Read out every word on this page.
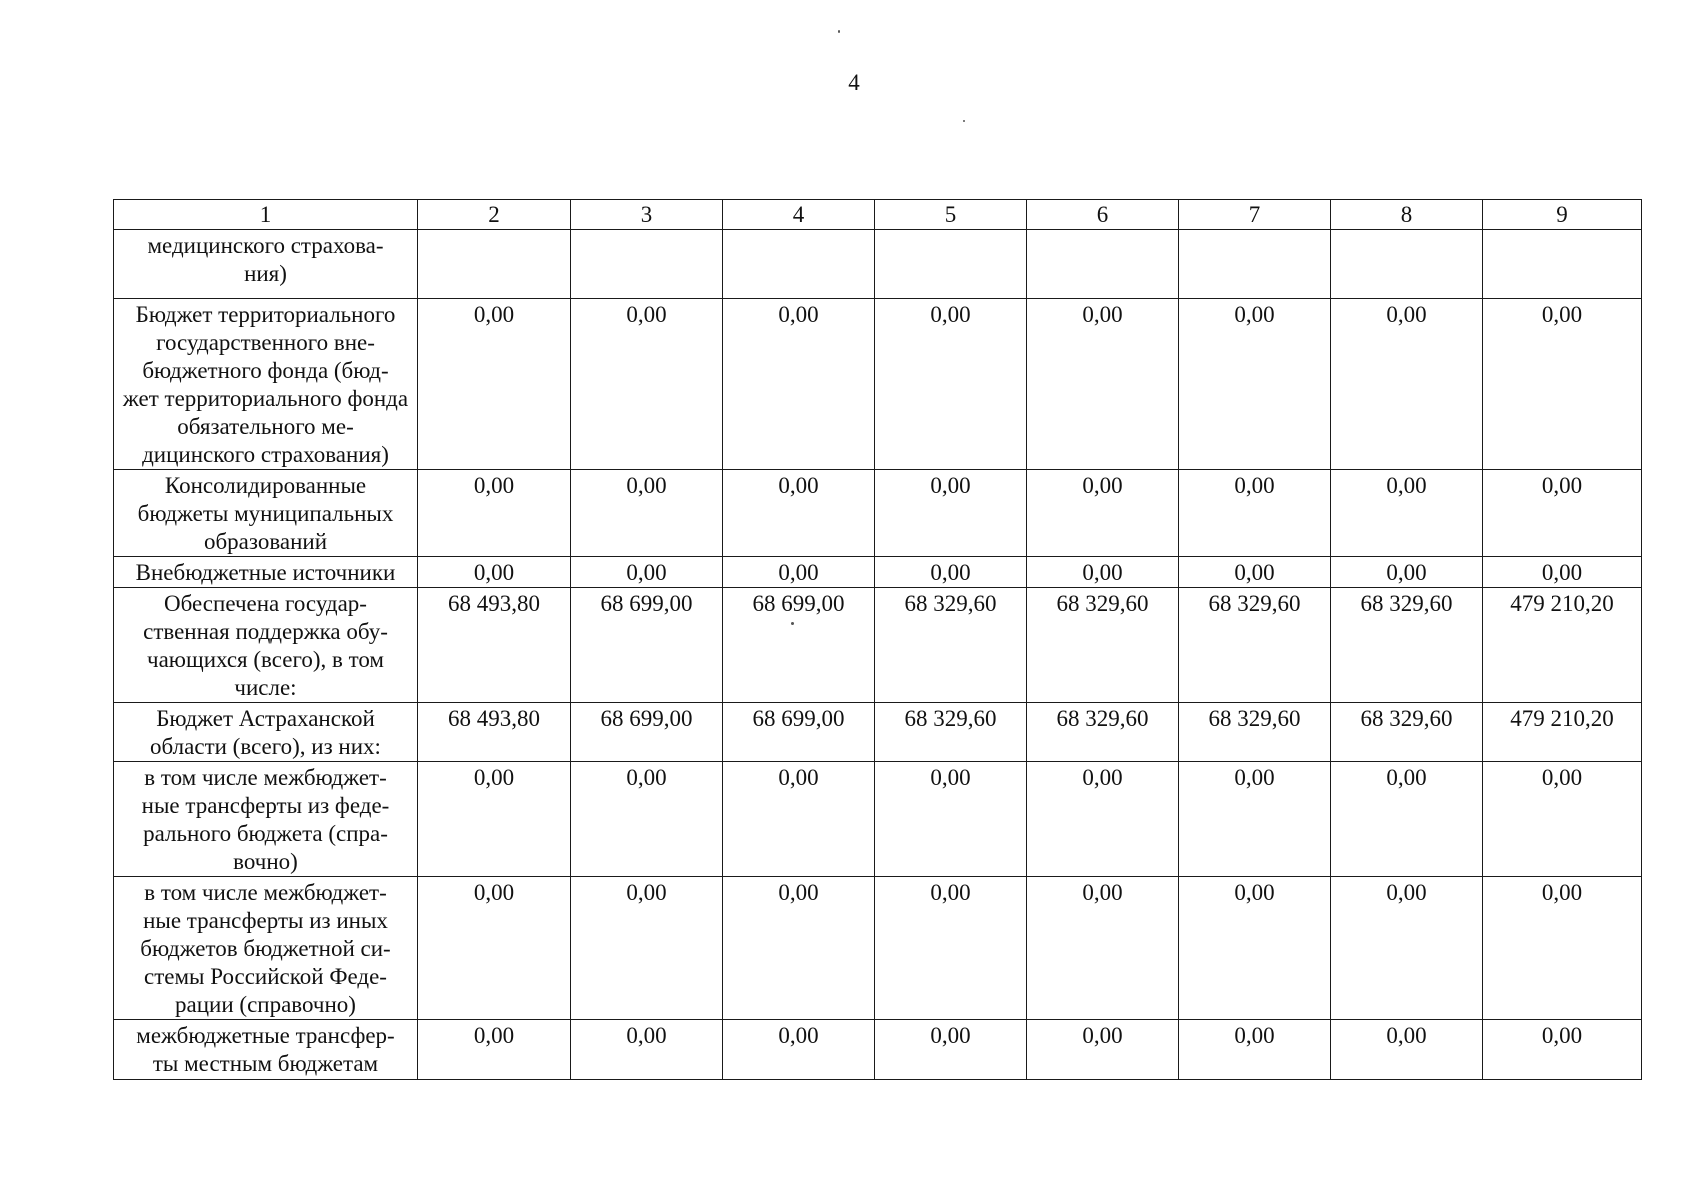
4
1	2	3	4	5	6	7	8	9
медицинского страхова-
ния)								
Бюджет территориального государственного вне-
бюджетного фонда (бюд-
жет территориального фонда обязательного ме-
дицинского страхования)	0,00	0,00	0,00	0,00	0,00	0,00	0,00	0,00
Консолидированные бюджеты муниципальных образований	0,00	0,00	0,00	0,00	0,00	0,00	0,00	0,00
Внебюджетные источники	0,00	0,00	0,00	0,00	0,00	0,00	0,00	0,00
Обеспечена государ-
ственная поддержка обу-
чающихся (всего), в том числе:	68 493,80	68 699,00	68 699,00	68 329,60	68 329,60	68 329,60	68 329,60	479 210,20
Бюджет Астраханской области (всего), из них:	68 493,80	68 699,00	68 699,00	68 329,60	68 329,60	68 329,60	68 329,60	479 210,20
в том числе межбюджет-
ные трансферты из феде-
рального бюджета (спра-
вочно)	0,00	0,00	0,00	0,00	0,00	0,00	0,00	0,00
в том числе межбюджет-
ные трансферты из иных бюджетов бюджетной си-
стемы Российской Феде-
рации (справочно)	0,00	0,00	0,00	0,00	0,00	0,00	0,00	0,00
межбюджетные трансфер-
ты местным бюджетам	0,00	0,00	0,00	0,00	0,00	0,00	0,00	0,00
